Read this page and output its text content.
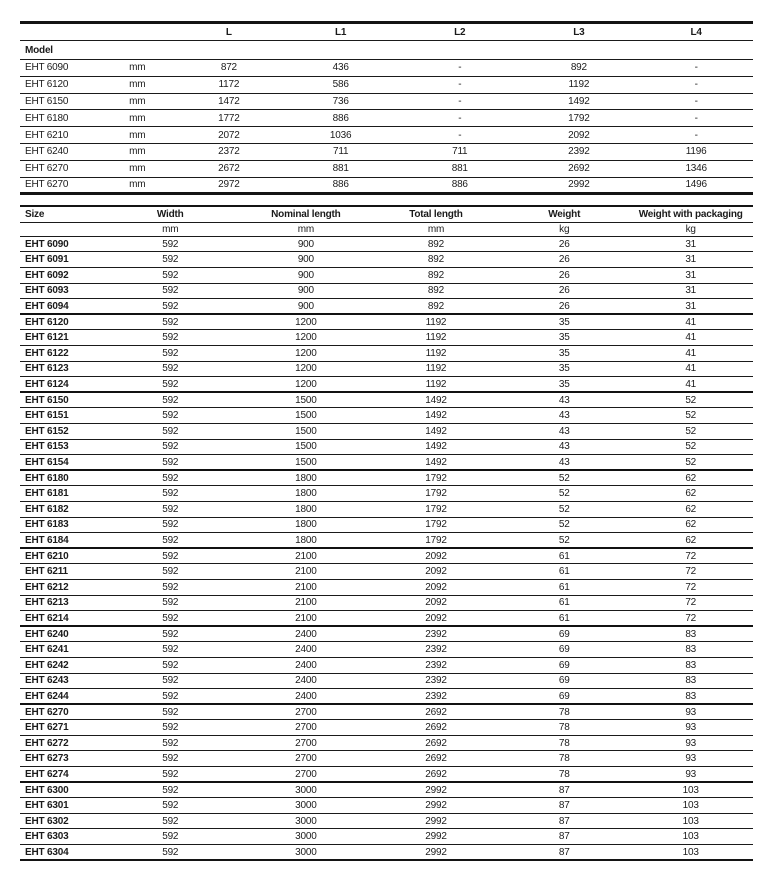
		L	L1	L2	L3	L4
Model						
EHT 6090	mm	872	436	-	892	-
EHT 6120	mm	1172	586	-	1192	-
EHT 6150	mm	1472	736	-	1492	-
EHT 6180	mm	1772	886	-	1792	-
EHT 6210	mm	2072	1036	-	2092	-
EHT 6240	mm	2372	711	711	2392	1196
EHT 6270	mm	2672	881	881	2692	1346
EHT 6270	mm	2972	886	886	2992	1496
Size	Width	Nominal length	Total length	Weight	Weight with packaging
	mm	mm	mm	kg	kg
EHT 6090	592	900	892	26	31
EHT 6091	592	900	892	26	31
EHT 6092	592	900	892	26	31
EHT 6093	592	900	892	26	31
EHT 6094	592	900	892	26	31
EHT 6120	592	1200	1192	35	41
EHT 6121	592	1200	1192	35	41
EHT 6122	592	1200	1192	35	41
EHT 6123	592	1200	1192	35	41
EHT 6124	592	1200	1192	35	41
EHT 6150	592	1500	1492	43	52
EHT 6151	592	1500	1492	43	52
EHT 6152	592	1500	1492	43	52
EHT 6153	592	1500	1492	43	52
EHT 6154	592	1500	1492	43	52
EHT 6180	592	1800	1792	52	62
EHT 6181	592	1800	1792	52	62
EHT 6182	592	1800	1792	52	62
EHT 6183	592	1800	1792	52	62
EHT 6184	592	1800	1792	52	62
EHT 6210	592	2100	2092	61	72
EHT 6211	592	2100	2092	61	72
EHT 6212	592	2100	2092	61	72
EHT 6213	592	2100	2092	61	72
EHT 6214	592	2100	2092	61	72
EHT 6240	592	2400	2392	69	83
EHT 6241	592	2400	2392	69	83
EHT 6242	592	2400	2392	69	83
EHT 6243	592	2400	2392	69	83
EHT 6244	592	2400	2392	69	83
EHT 6270	592	2700	2692	78	93
EHT 6271	592	2700	2692	78	93
EHT 6272	592	2700	2692	78	93
EHT 6273	592	2700	2692	78	93
EHT 6274	592	2700	2692	78	93
EHT 6300	592	3000	2992	87	103
EHT 6301	592	3000	2992	87	103
EHT 6302	592	3000	2992	87	103
EHT 6303	592	3000	2992	87	103
EHT 6304	592	3000	2992	87	103
